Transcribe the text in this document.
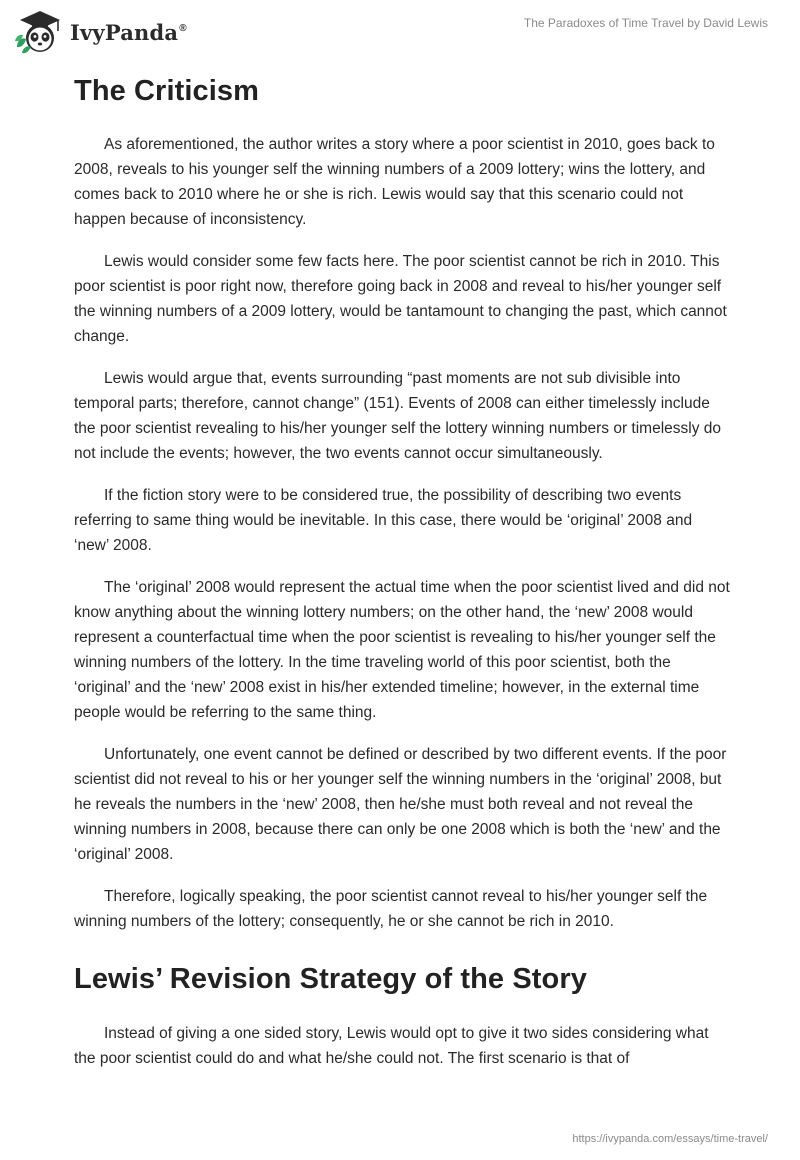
IvyPanda®	The Paradoxes of Time Travel by David Lewis
The Criticism

As aforementioned, the author writes a story where a poor scientist in 2010, goes back to 2008, reveals to his younger self the winning numbers of a 2009 lottery; wins the lottery, and comes back to 2010 where he or she is rich. Lewis would say that this scenario could not happen because of inconsistency.

Lewis would consider some few facts here. The poor scientist cannot be rich in 2010. This poor scientist is poor right now, therefore going back in 2008 and reveal to his/her younger self the winning numbers of a 2009 lottery, would be tantamount to changing the past, which cannot change.

Lewis would argue that, events surrounding “past moments are not sub divisible into temporal parts; therefore, cannot change” (151). Events of 2008 can either timelessly include the poor scientist revealing to his/her younger self the lottery winning numbers or timelessly do not include the events; however, the two events cannot occur simultaneously.

If the fiction story were to be considered true, the possibility of describing two events referring to same thing would be inevitable. In this case, there would be ‘original’ 2008 and ‘new’ 2008.

The ‘original’ 2008 would represent the actual time when the poor scientist lived and did not know anything about the winning lottery numbers; on the other hand, the ‘new’ 2008 would represent a counterfactual time when the poor scientist is revealing to his/her younger self the winning numbers of the lottery. In the time traveling world of this poor scientist, both the ‘original’ and the ‘new’ 2008 exist in his/her extended timeline; however, in the external time people would be referring to the same thing.

Unfortunately, one event cannot be defined or described by two different events. If the poor scientist did not reveal to his or her younger self the winning numbers in the ‘original’ 2008, but he reveals the numbers in the ‘new’ 2008, then he/she must both reveal and not reveal the winning numbers in 2008, because there can only be one 2008 which is both the ‘new’ and the ‘original’ 2008.

Therefore, logically speaking, the poor scientist cannot reveal to his/her younger self the winning numbers of the lottery; consequently, he or she cannot be rich in 2010.

Lewis’ Revision Strategy of the Story

Instead of giving a one sided story, Lewis would opt to give it two sides considering what the poor scientist could do and what he/she could not. The first scenario is that of

https://ivypanda.com/essays/time-travel/
